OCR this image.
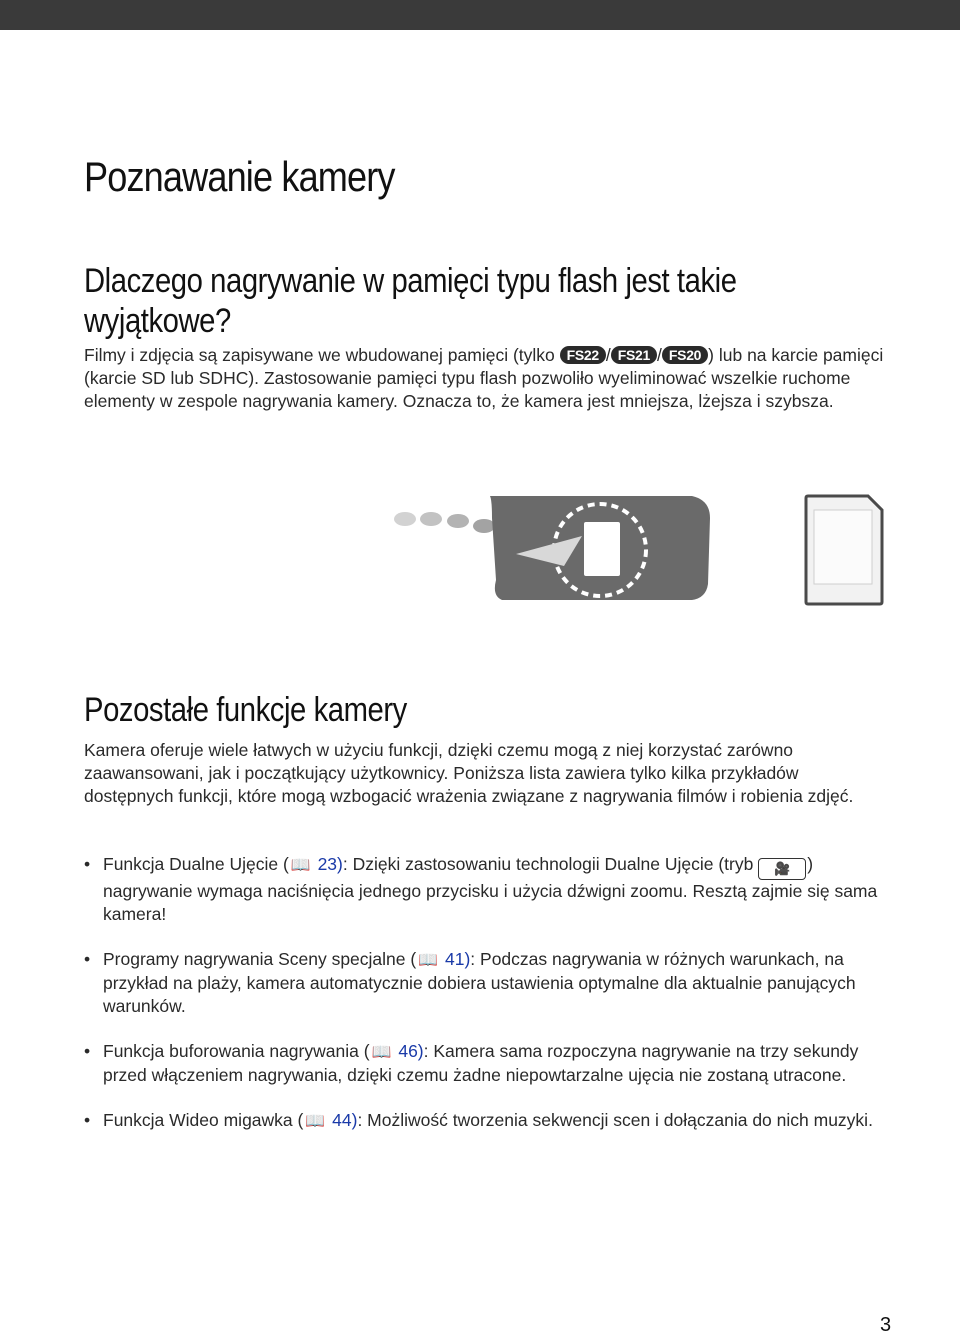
Poznawanie kamery
Dlaczego nagrywanie w pamięci typu flash jest takie wyjątkowe?

Filmy i zdjęcia są zapisywane we wbudowanej pamięci (tylko FS22 / FS21 / FS20 ) lub na karcie pamięci (karcie SD lub SDHC). Zastosowanie pamięci typu flash pozwoliło wyeliminować wszelkie ruchome elementy w zespole nagrywania kamery. Oznacza to, że kamera jest mniejsza, lżejsza i szybsza.

Pozostałe funkcje kamery

Kamera oferuje wiele łatwych w użyciu funkcji, dzięki czemu mogą z niej korzystać zarówno zaawansowani, jak i początkujący użytkownicy. Poniższa lista zawiera tylko kilka przykładów dostępnych funkcji, które mogą wzbogacić wrażenia związane z nagrywania filmów i robienia zdjęć.

• Funkcja Dualne Ujęcie ( 📖 23): Dzięki zastosowaniu technologii Dualne Ujęcie (tryb 🎥 ) nagrywanie wymaga naciśnięcia jednego przycisku i użycia dźwigni zoomu. Resztą zajmie się sama kamera!
• Programy nagrywania Sceny specjalne ( 📖 41): Podczas nagrywania w różnych warunkach, na przykład na plaży, kamera automatycznie dobiera ustawienia optymalne dla aktualnie panujących warunków.
• Funkcja buforowania nagrywania ( 📖 46): Kamera sama rozpoczyna nagrywanie na trzy sekundy przed włączeniem nagrywania, dzięki czemu żadne niepowtarzalne ujęcia nie zostaną utracone.
• Funkcja Wideo migawka ( 📖 44): Możliwość tworzenia sekwencji scen i dołączania do nich muzyki.
3
